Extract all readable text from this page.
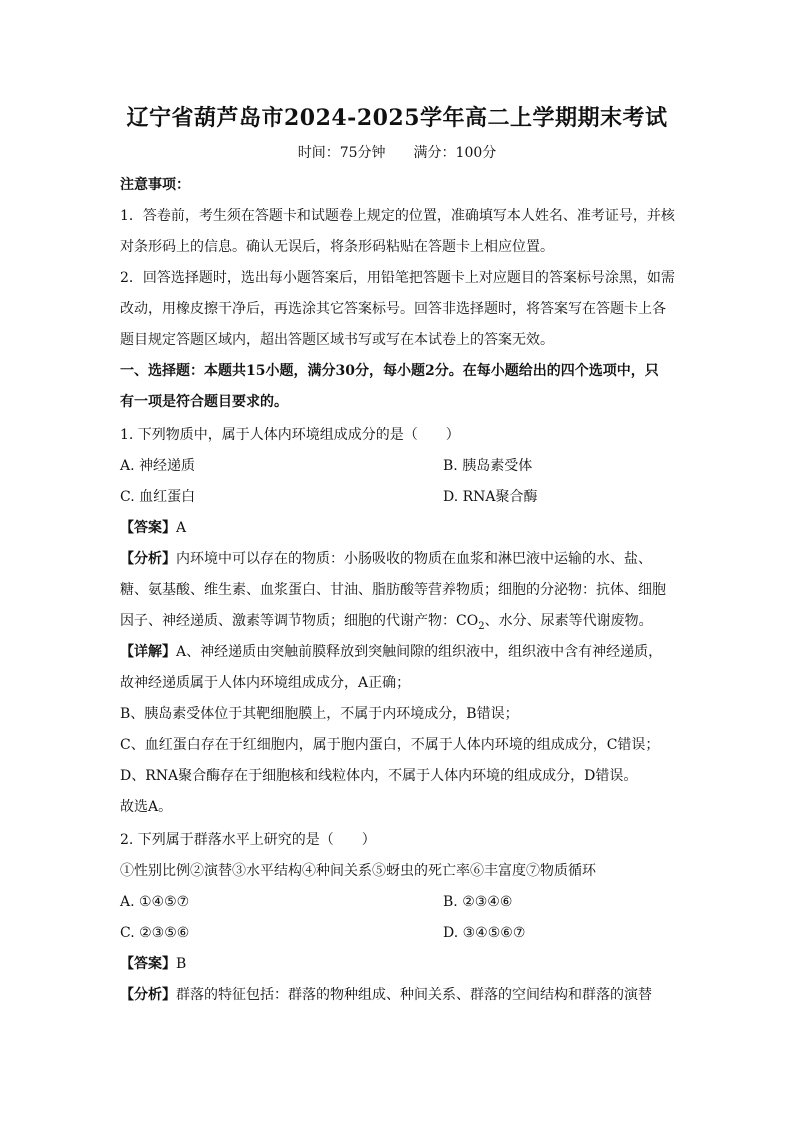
辽宁省葫芦岛市2024-2025学年高二上学期期末考试
时间：75分钟 满分：100分
注意事项：
1．答卷前，考生须在答题卡和试题卷上规定的位置，准确填写本人姓名、准考证号，并核
对条形码上的信息。确认无误后，将条形码粘贴在答题卡上相应位置。
2．回答选择题时，选出每小题答案后，用铅笔把答题卡上对应题目的答案标号涂黑，如需
改动，用橡皮擦干净后，再选涂其它答案标号。回答非选择题时，将答案写在答题卡上各
题目规定答题区域内，超出答题区域书写或写在本试卷上的答案无效。
一、选择题：本题共15小题，满分30分，每小题2分。在每小题给出的四个选项中，只
有一项是符合题目要求的。
1. 下列物质中，属于人体内环境组成成分的是（　　）
A. 神经递质	B. 胰岛素受体
C. 血红蛋白	D. RNA聚合酶
【答案】A
【分析】内环境中可以存在的物质：小肠吸收的物质在血浆和淋巴液中运输的水、盐、
糖、氨基酸、维生素、血浆蛋白、甘油、脂肪酸等营养物质；细胞的分泌物：抗体、细胞
因子、神经递质、激素等调节物质；细胞的代谢产物：$CO_2$、水分、尿素等代谢废物。
【详解】A、神经递质由突触前膜释放到突触间隙的组织液中，组织液中含有神经递质，
故神经递质属于人体内环境组成成分，A正确；
B、胰岛素受体位于其靶细胞膜上，不属于内环境成分，B错误；
C、血红蛋白存在于红细胞内，属于胞内蛋白，不属于人体内环境的组成成分，C错误；
D、RNA聚合酶存在于细胞核和线粒体内，不属于人体内环境的组成成分，D错误。
故选A。
2. 下列属于群落水平上研究的是（　　）
①性别比例②演替③水平结构④种间关系⑤蚜虫的死亡率⑥丰富度⑦物质循环
A. ①④⑤⑦	B. ②③④⑥
C. ②③⑤⑥	D. ③④⑤⑥⑦
【答案】B
【分析】群落的特征包括：群落的物种组成、种间关系、群落的空间结构和群落的演替
